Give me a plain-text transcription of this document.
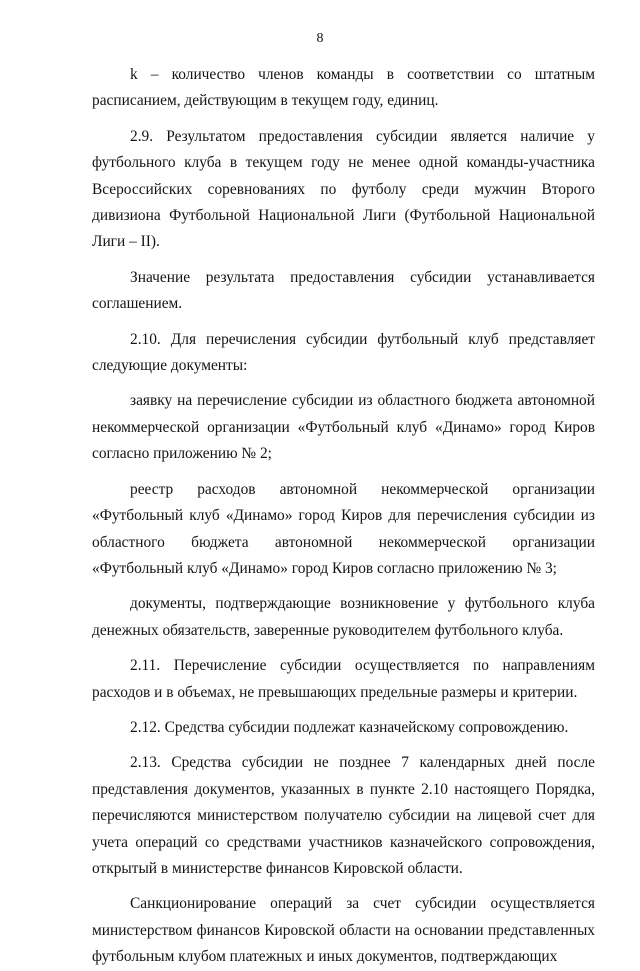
8

k – количество членов команды в соответствии со штатным расписанием, действующим в текущем году, единиц.

2.9. Результатом предоставления субсидии является наличие у футбольного клуба в текущем году не менее одной команды-участника Всероссийских соревнованиях по футболу среди мужчин Второго дивизиона Футбольной Национальной Лиги (Футбольной Национальной Лиги – II).

Значение результата предоставления субсидии устанавливается соглашением.

2.10. Для перечисления субсидии футбольный клуб представляет следующие документы:

заявку на перечисление субсидии из областного бюджета автономной некоммерческой организации «Футбольный клуб «Динамо» город Киров согласно приложению № 2;

реестр расходов автономной некоммерческой организации «Футбольный клуб «Динамо» город Киров для перечисления субсидии из областного бюджета автономной некоммерческой организации «Футбольный клуб «Динамо» город Киров согласно приложению № 3;

документы, подтверждающие возникновение у футбольного клуба денежных обязательств, заверенные руководителем футбольного клуба.

2.11. Перечисление субсидии осуществляется по направлениям расходов и в объемах, не превышающих предельные размеры и критерии.

2.12. Средства субсидии подлежат казначейскому сопровождению.

2.13. Средства субсидии не позднее 7 календарных дней после представления документов, указанных в пункте 2.10 настоящего Порядка, перечисляются министерством получателю субсидии на лицевой счет для учета операций со средствами участников казначейского сопровождения, открытый в министерстве финансов Кировской области.

Санкционирование операций за счет субсидии осуществляется министерством финансов Кировской области на основании представленных футбольным клубом платежных и иных документов, подтверждающих
